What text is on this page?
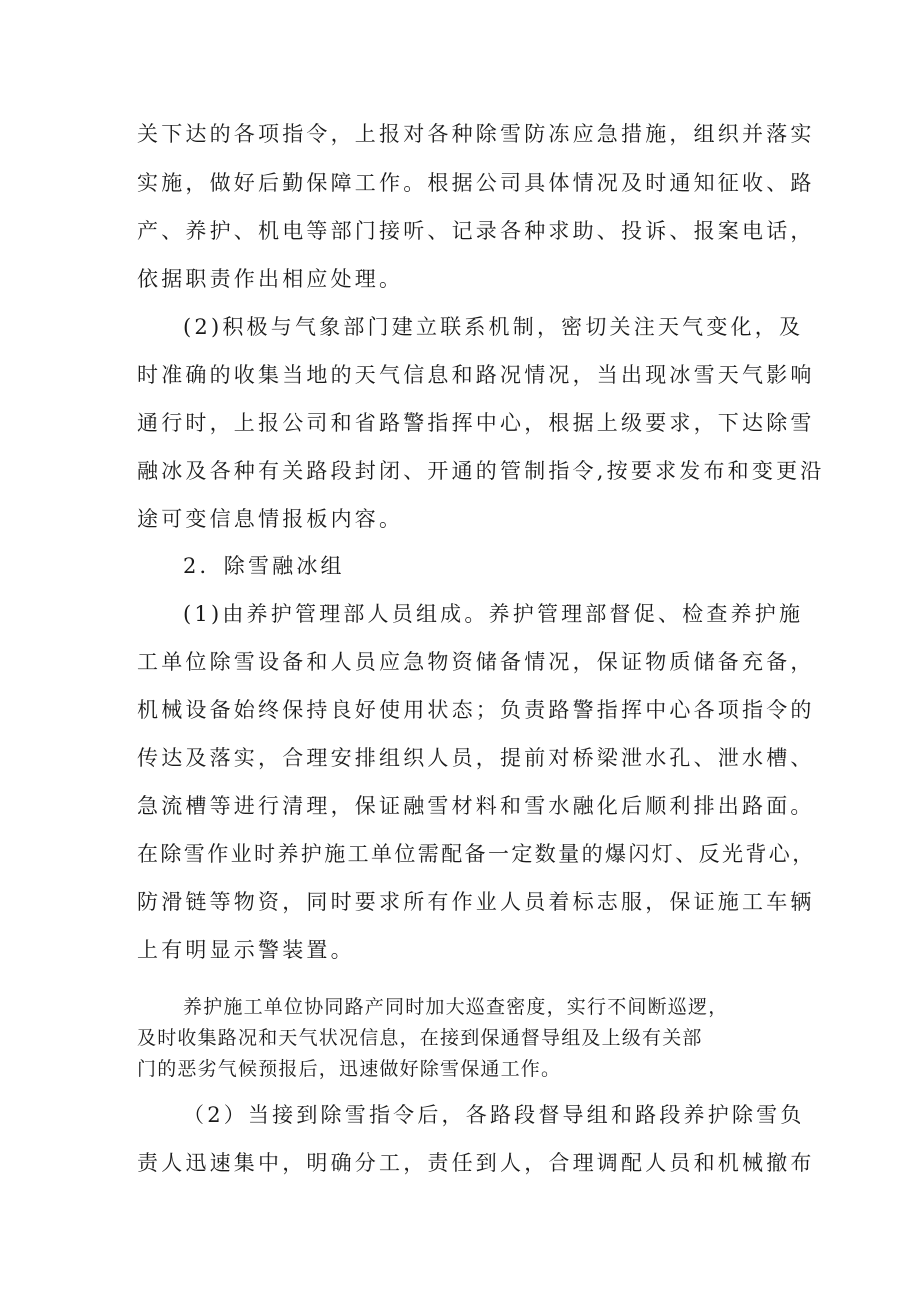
关下达的各项指令，上报对各种除雪防冻应急措施，组织并落实
实施，做好后勤保障工作。根据公司具体情况及时通知征收、路
产、养护、机电等部门接听、记录各种求助、投诉、报案电话，
依据职责作出相应处理。
(2)积极与气象部门建立联系机制，密切关注天气变化，及
时准确的收集当地的天气信息和路况情况，当出现冰雪天气影响
通行时，上报公司和省路警指挥中心，根据上级要求，下达除雪
融冰及各种有关路段封闭、开通的管制指令,按要求发布和变更沿
途可变信息情报板内容。
2．除雪融冰组
(1)由养护管理部人员组成。养护管理部督促、检查养护施
工单位除雪设备和人员应急物资储备情况，保证物质储备充备，
机械设备始终保持良好使用状态；负责路警指挥中心各项指令的
传达及落实，合理安排组织人员，提前对桥梁泄水孔、泄水槽、
急流槽等进行清理，保证融雪材料和雪水融化后顺利排出路面。
在除雪作业时养护施工单位需配备一定数量的爆闪灯、反光背心，
防滑链等物资，同时要求所有作业人员着标志服，保证施工车辆
上有明显示警装置。
养护施工单位协同路产同时加大巡查密度，实行不间断巡逻，
及时收集路况和天气状况信息，在接到保通督导组及上级有关部
门的恶劣气候预报后，迅速做好除雪保通工作。
（2）当接到除雪指令后，各路段督导组和路段养护除雪负
责人迅速集中，明确分工，责任到人，合理调配人员和机械撤布
